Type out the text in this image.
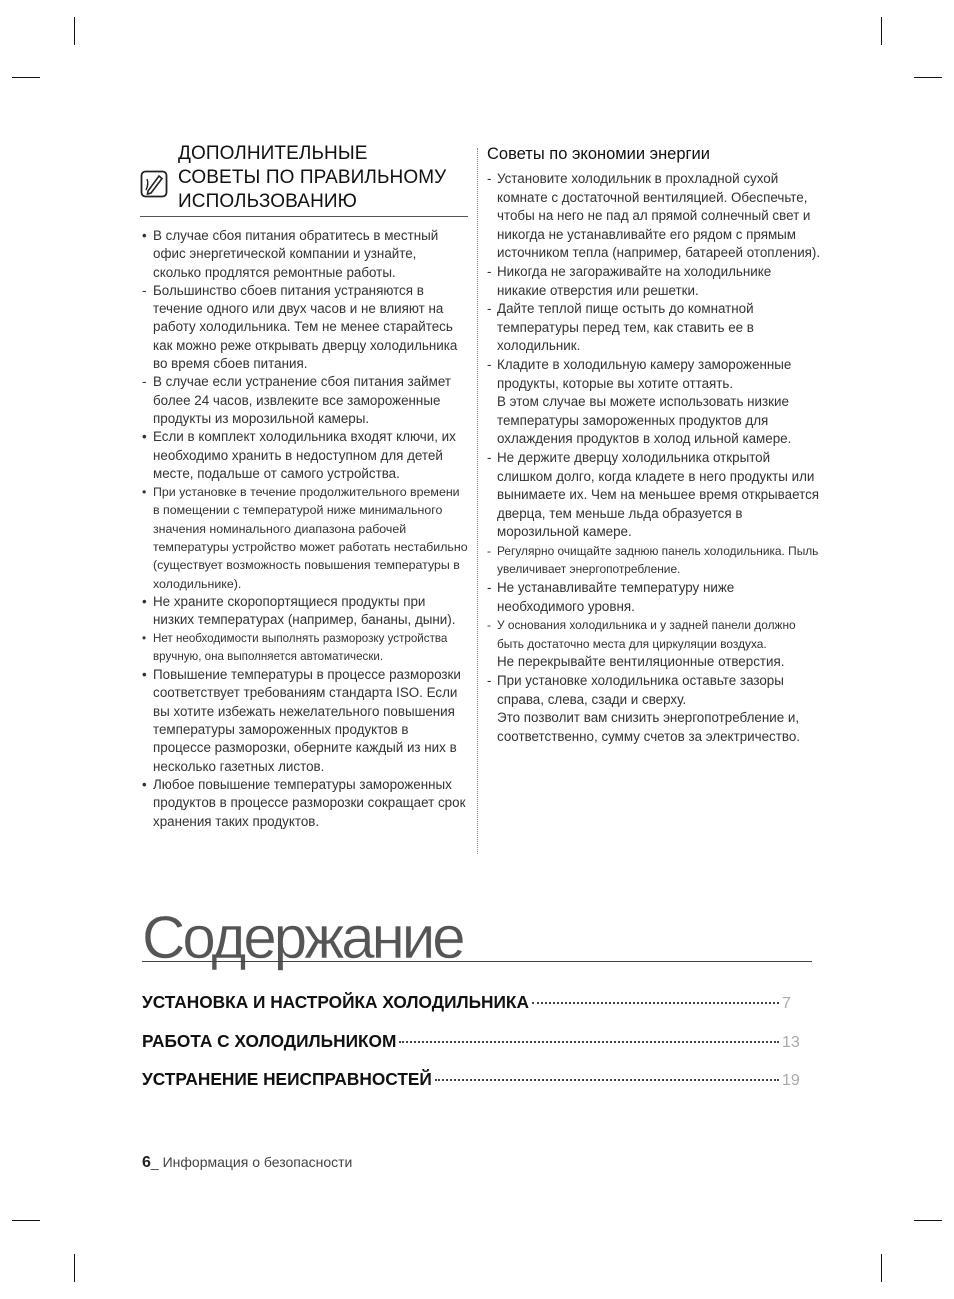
ДОПОЛНИТЕЛЬНЫЕ
СОВЕТЫ ПО ПРАВИЛЬНОМУ
ИСПОЛЬЗОВАНИЮ
• В случае сбоя питания обратитесь в местный офис энергетической компании и узнайте, сколько продлятся ремонтные работы.
- Большинство сбоев питания устраняются в течение одного или двух часов и не влияют на работу холодильника. Тем не менее старайтесь как можно реже открывать дверцу холодильника во время сбоев питания.
- В случае если устранение сбоя питания займет более 24 часов, извлеките все замороженные продукты из морозильной камеры.
• Если в комплект холодильника входят ключи, их необходимо хранить в недоступном для детей месте, подальше от самого устройства.
• При установке в течение продолжительного времени в помещении с температурой ниже минимального значения номинального диапазона рабочей температуры устройство может работать нестабильно (существует возможность повышения температуры в холодильнике).
• Не храните скоропортящиеся продукты при низких температурах (например, бананы, дыни).
• Нет необходимости выполнять разморозку устройства вручную, она выполняется автоматически.
• Повышение температуры в процессе разморозки соответствует требованиям стандарта ISO. Если вы хотите избежать нежелательного повышения температуры замороженных продуктов в процессе разморозки, оберните каждый из них в несколько газетных листов.
• Любое повышение температуры замороженных продуктов в процессе разморозки сокращает срок хранения таких продуктов.
Советы по экономии энергии
- Установите холодильник в прохладной сухой комнате с достаточной вентиляцией. Обеспечьте, чтобы на него не пад ал прямой солнечный свет и никогда не устанавливайте его рядом с прямым источником тепла (например, батареей отопления).
- Никогда не загораживайте на холодильнике никакие отверстия или решетки.
- Дайте теплой пище остыть до комнатной температуры перед тем, как ставить ее в холодильник.
- Кладите в холодильную камеру замороженные продукты, которые вы хотите оттаять.
В этом случае вы можете использовать низкие температуры замороженных продуктов для охлаждения продуктов в холод ильной камере.
- Не держите дверцу холодильника открытой слишком долго, когда кладете в него продукты или вынимаете их. Чем на меньшее время открывается дверца, тем меньше льда образуется в морозильной камере.
- Регулярно очищайте заднюю панель холодильника. Пыль увеличивает энергопотребление.
- Не устанавливайте температуру ниже необходимого уровня.
- У основания холодильника и у задней панели должно быть достаточно места для циркуляции воздуха.
Не перекрывайте вентиляционные отверстия.
- При установке холодильника оставьте зазоры справа, слева, сзади и сверху.
Это позволит вам снизить энергопотребление и, соответственно, сумму счетов за электричество.
Содержание
УСТАНОВКА И НАСТРОЙКА ХОЛОДИЛЬНИКА	7
РАБОТА С ХОЛОДИЛЬНИКОМ	13
УСТРАНЕНИЕ НЕИСПРАВНОСТЕЙ	19
6_ Информация о безопасности
